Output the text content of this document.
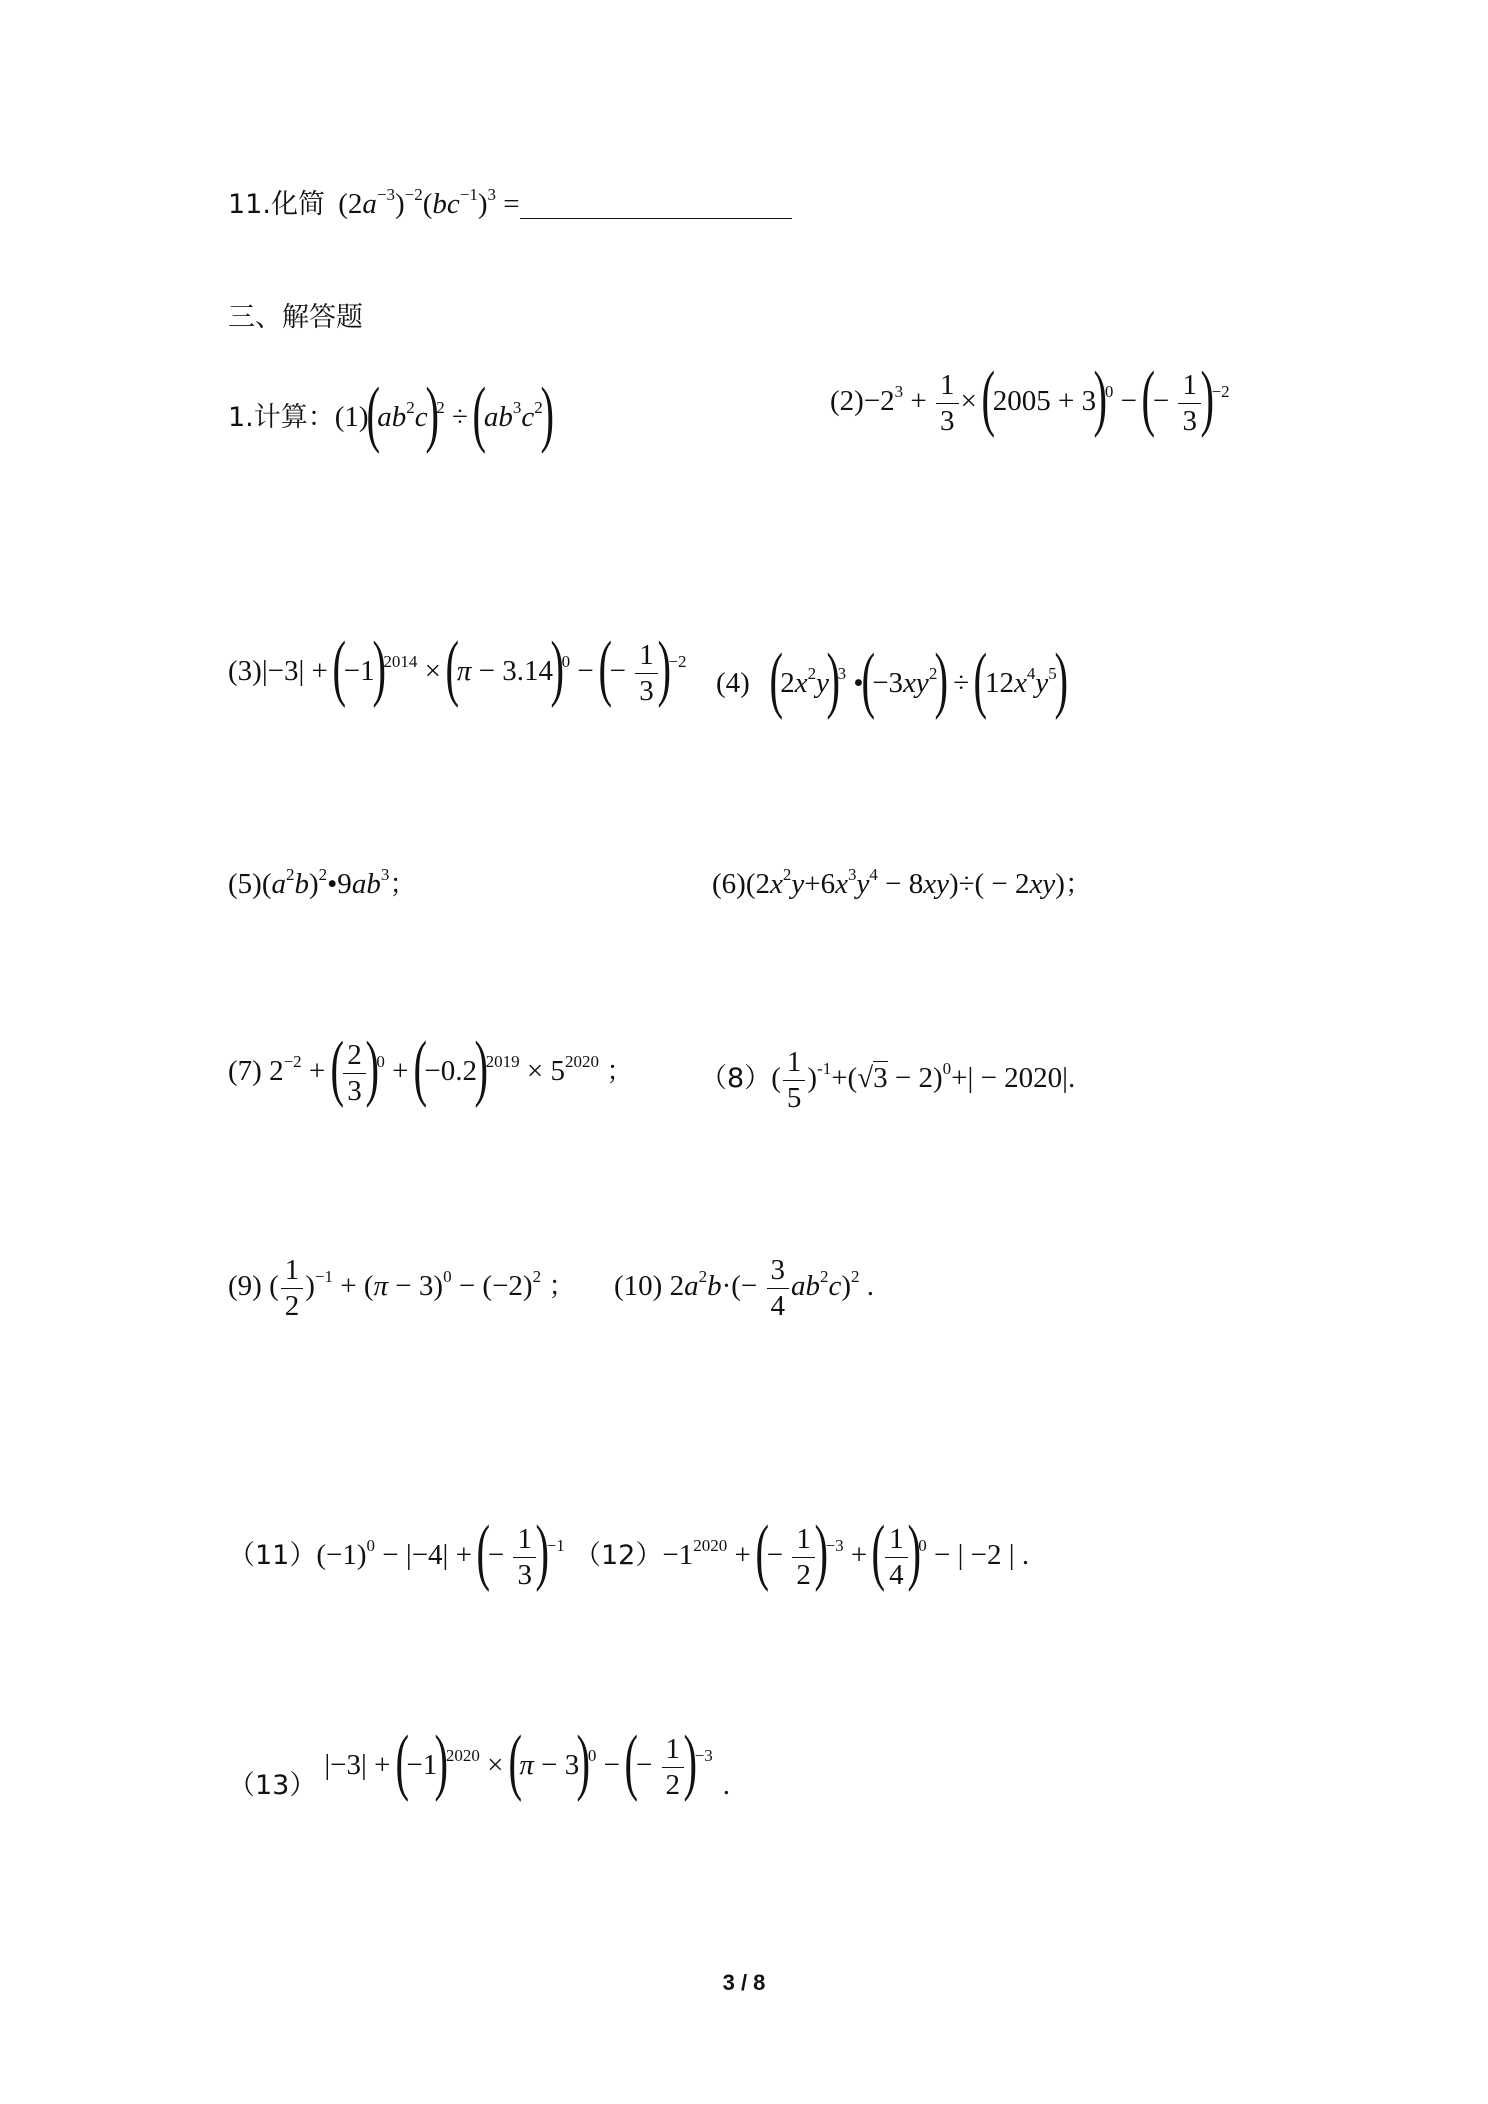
11.化简 $(2a^{-3})^{-2}(bc^{-1})^3$ =
三、解答题
1.计算：$(1)(ab^2c)^2 \div (ab^3c^2)$	$(2)-2^3 + \frac{1}{3} \times (2005 + 3)^0$ − (− $\frac{1}{3} )^{-2}$
$(3)|-3| + (-1)^{2014} \times (\pi - 3.14)^0$ − (− $\frac{1}{3} )^{-2}$
(4)   $(2x^2y)^3$ $•(-3xy^2) \div (12x^4y^5)$
$(5)(a^2b)^2•9ab^3$；	$(6)(2x^2y+6x^3y^4 - 8xy)\div( - 2xy)$；
(7) $2^{-2}$ + ( $\frac{2}{3} )^0 + (-0.2)^{2019} \times 5^{2020}$ ； $(8)( \frac{1}{5} )^{-1}+(√3 - 2)^0+| - 2020|$.
(9) ( $\frac{1}{2} )^{-1} + (\pi - 3)^0 - (-2)^2$ ； (10) $2a^2b\cdot(- \frac{3}{4} ab^2c)^2$ .
$(11)(-1)^0 - |-4|$ + (− $\frac{1}{3} )^{-1}$ $(12)-1^{2020}$ + (− $\frac{1}{2} )^{-3}$ + ( $\frac{1}{4} )^0$ − | −2 | .
$(13)|-3| + (-1)^{2020} \times (\pi - 3)^0$ − (− $\frac{1}{2} )^{-3}$.
3 / 8
